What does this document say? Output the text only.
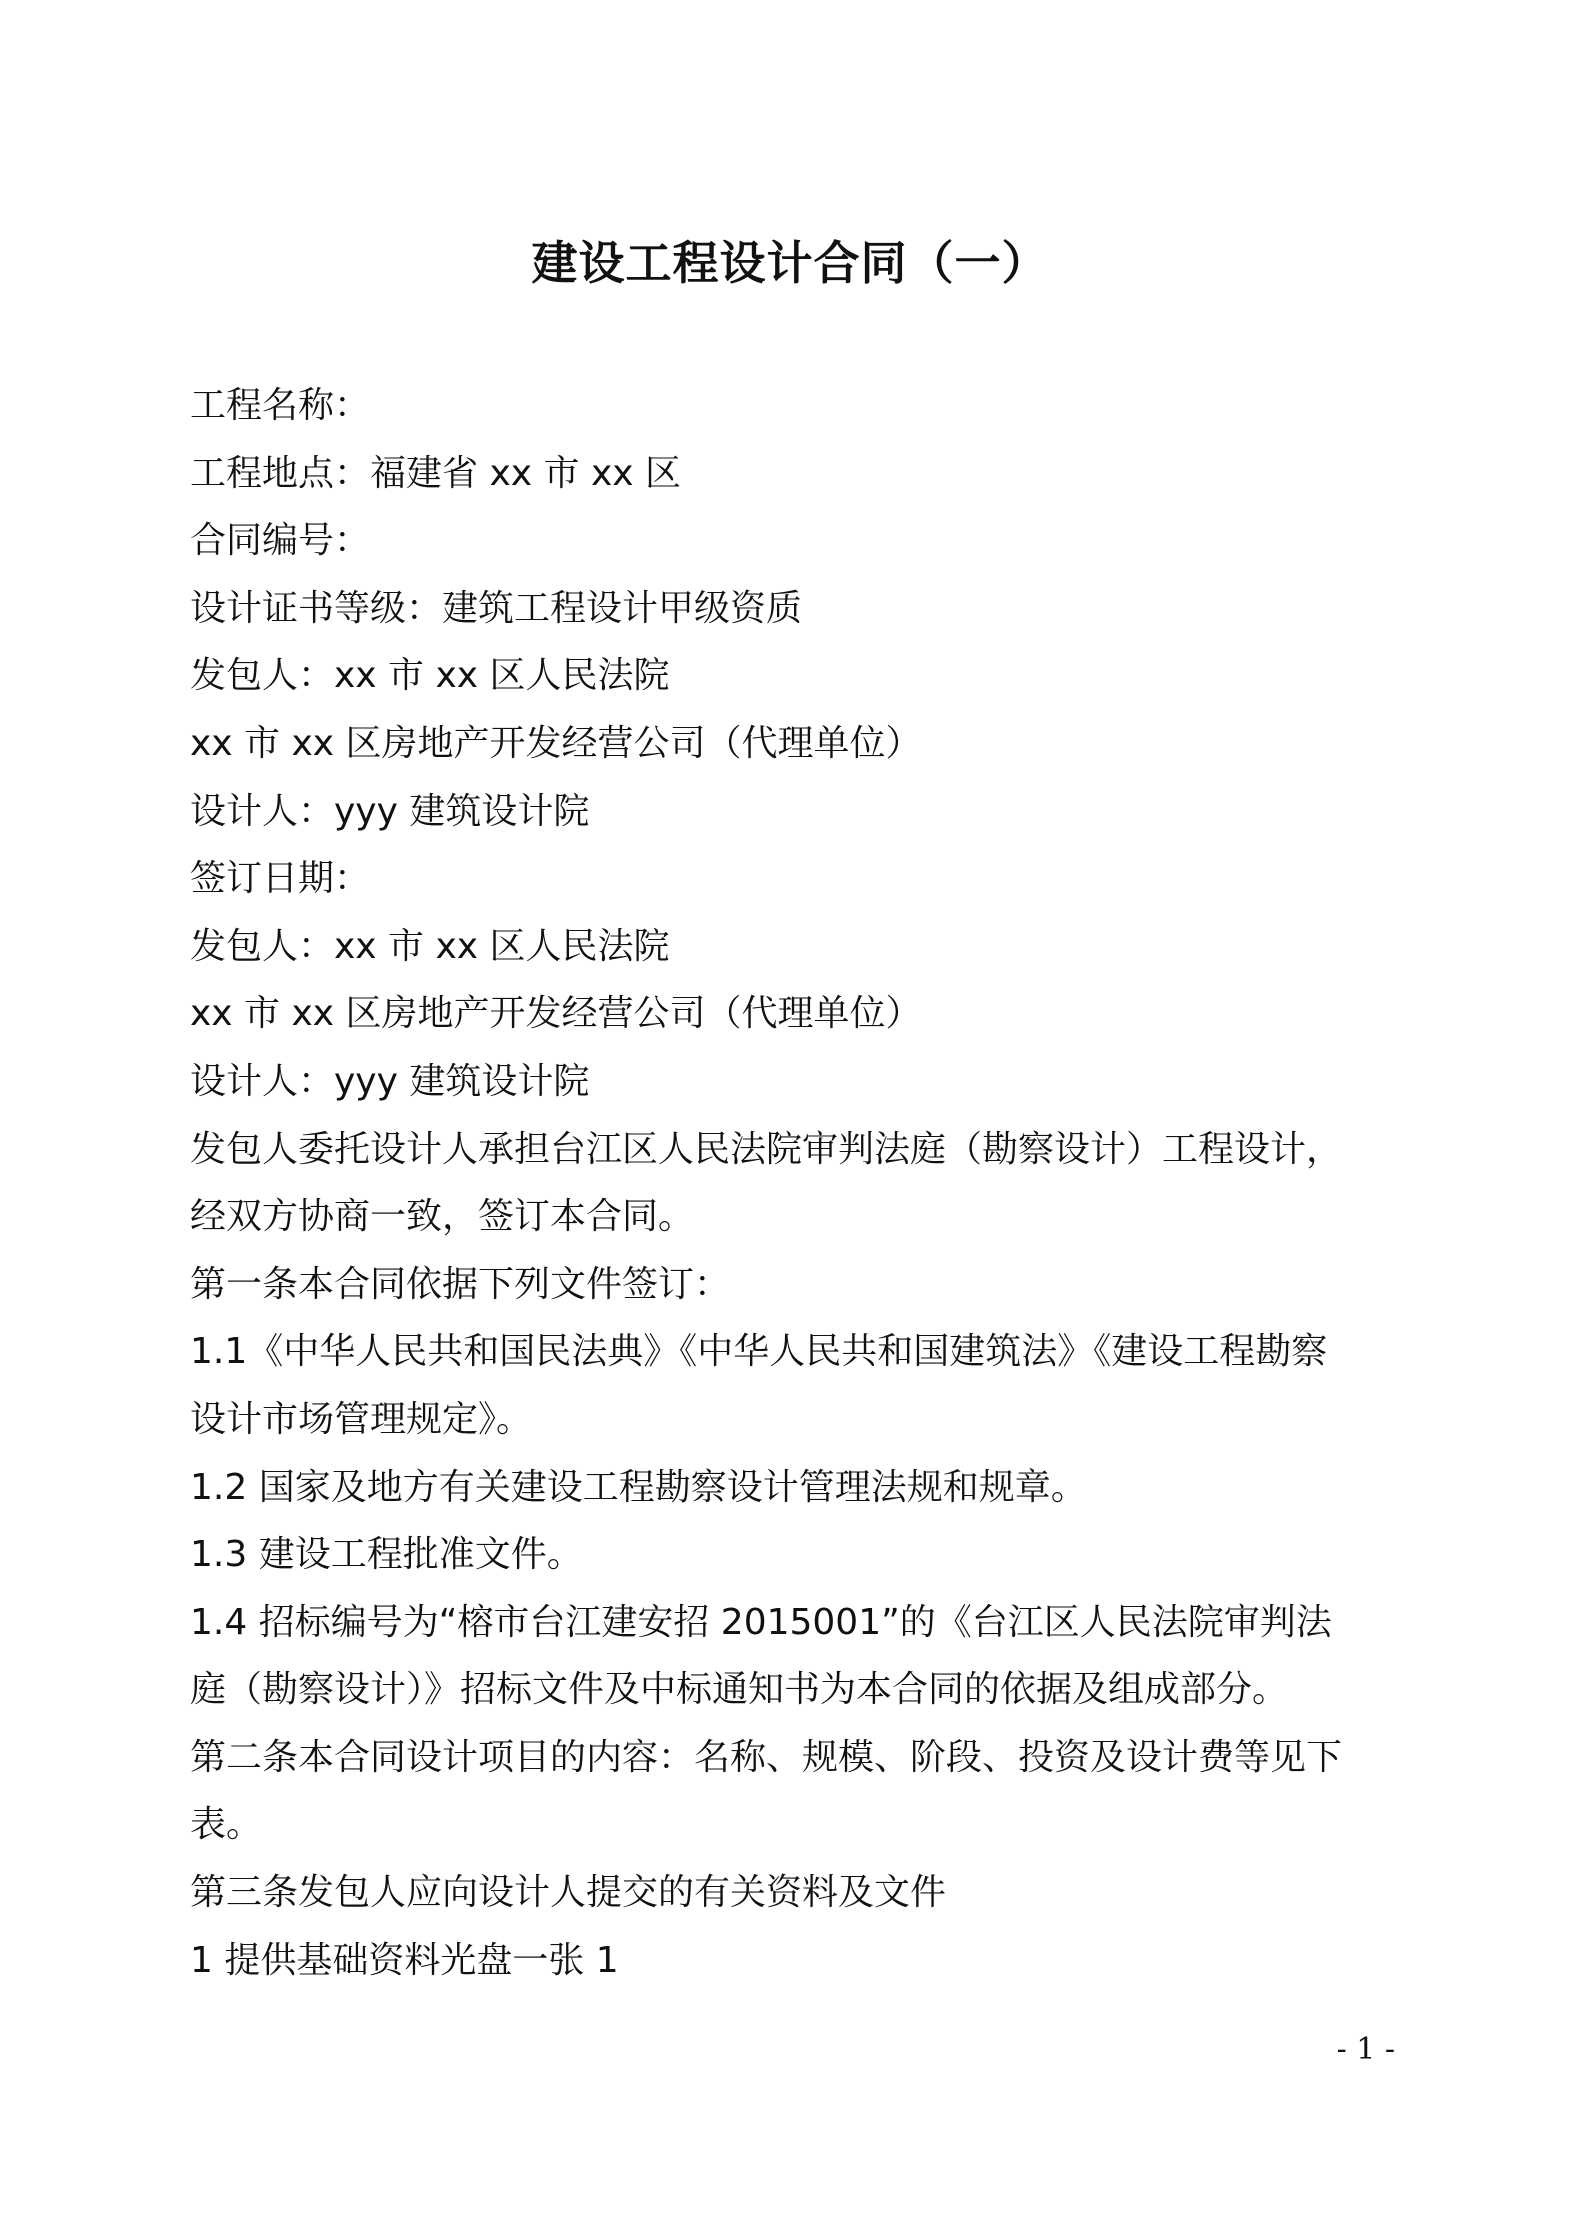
建设工程设计合同（一）
工程名称：
工程地点：福建省 xx 市 xx 区
合同编号：
设计证书等级：建筑工程设计甲级资质
发包人：xx 市 xx 区人民法院
xx 市 xx 区房地产开发经营公司（代理单位）
设计人：yyy 建筑设计院
签订日期：
发包人：xx 市 xx 区人民法院
xx 市 xx 区房地产开发经营公司（代理单位）
设计人：yyy 建筑设计院
发包人委托设计人承担台江区人民法院审判法庭（勘察设计）工程设计，
经双方协商一致，签订本合同。
第一条本合同依据下列文件签订：
1.1《中华人民共和国民法典》《中华人民共和国建筑法》《建设工程勘察
设计市场管理规定》。
1.2 国家及地方有关建设工程勘察设计管理法规和规章。
1.3 建设工程批准文件。
1.4 招标编号为“榕市台江建安招 2015001”的《台江区人民法院审判法
庭（勘察设计）》招标文件及中标通知书为本合同的依据及组成部分。
第二条本合同设计项目的内容：名称、规模、阶段、投资及设计费等见下
表。
第三条发包人应向设计人提交的有关资料及文件
1 提供基础资料光盘一张 1
- 1 -
